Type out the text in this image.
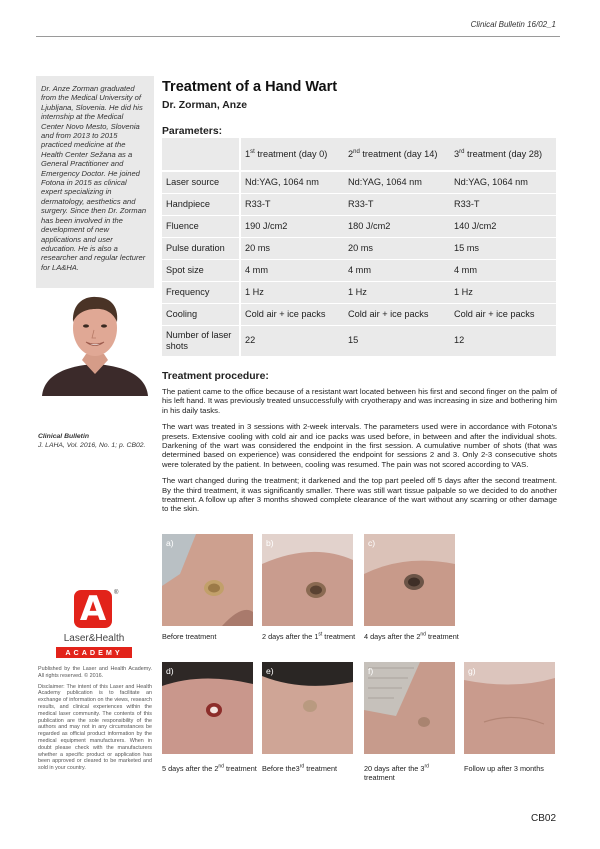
Clinical Bulletin 16/02_1

Dr. Anze Zorman graduated from the Medical University of Ljubljana, Slovenia. He did his internship at the Medical Center Novo Mesto, Slovenia and from 2013 to 2015 practiced medicine at the Health Center Sežana as a General Practitioner and Emergency Doctor. He joined Fotona in 2015 as clinical expert specializing in dermatology, aesthetics and surgery. Since then Dr. Zorman has been involved in the development of new applications and user education. He is also a researcher and regular lecturer for LA&HA.

Clinical Bulletin
J. LAHA, Vol. 2016, No. 1; p. CB02.
A	®
Laser&Health
ACADEMY

Published by the Laser and Health Academy. All rights reserved. © 2016.

Disclaimer: The intent of this Laser and Health Academy publication is to facilitate an exchange of information on the views, research results, and clinical experiences within the medical laser community. The contents of this publication are the sole responsibility of the authors and may not in any circumstances be regarded as official product information by the medical equipment manufacturers. When in doubt please check with the manufacturers whether a specific product or application has been approved or cleared to be marketed and sold in your country.

Treatment of a Hand Wart
Dr. Zorman, Anze
Parameters:
	1st treatment (day 0)	2nd treatment (day 14)	3rd treatment (day 28)
Laser source	Nd:YAG, 1064 nm	Nd:YAG, 1064 nm	Nd:YAG, 1064 nm
Handpiece	R33-T	R33-T	R33-T
Fluence	190 J/cm2	180 J/cm2	140 J/cm2
Pulse duration	20 ms	20 ms	15 ms
Spot size	4 mm	4 mm	4 mm
Frequency	1 Hz	1 Hz	1 Hz
Cooling	Cold air + ice packs	Cold air + ice packs	Cold air + ice packs
Number of laser shots	22	15	12
Treatment procedure:

The patient came to the office because of a resistant wart located between his first and second finger on the palm of his left hand. It was previously treated unsuccessfully with cryotherapy and was increasing in size and bothering him in his daily tasks.

The wart was treated in 3 sessions with 2-week intervals. The parameters used were in accordance with Fotona's presets. Extensive cooling with cold air and ice packs was used before, in between and after the individual shots. Darkening of the wart was considered the endpoint in the first session. A cumulative number of shots (that was determined based on experience) was considered the endpoint for sessions 2 and 3. Only 2-3 consecutive shots were tolerated by the patient. In between, cooling was resumed. The pain was not scored according to VAS.

The wart changed during the treatment; it darkened and the top part peeled off 5 days after the second treatment. By the third treatment, it was significantly smaller. There was still wart tissue palpable so we decided to do another treatment. A follow up after 3 months showed complete clearance of the wart without any scarring or other damage to the skin.

a)	b)	c)
Before treatment	2 days after the 1st treatment	4 days after the 2nd treatment
d)	e)	f)	g)
5 days after the 2nd treatment Before the3rd treatment	20 days after the 3rd treatment
Follow up after 3 months
CB02
